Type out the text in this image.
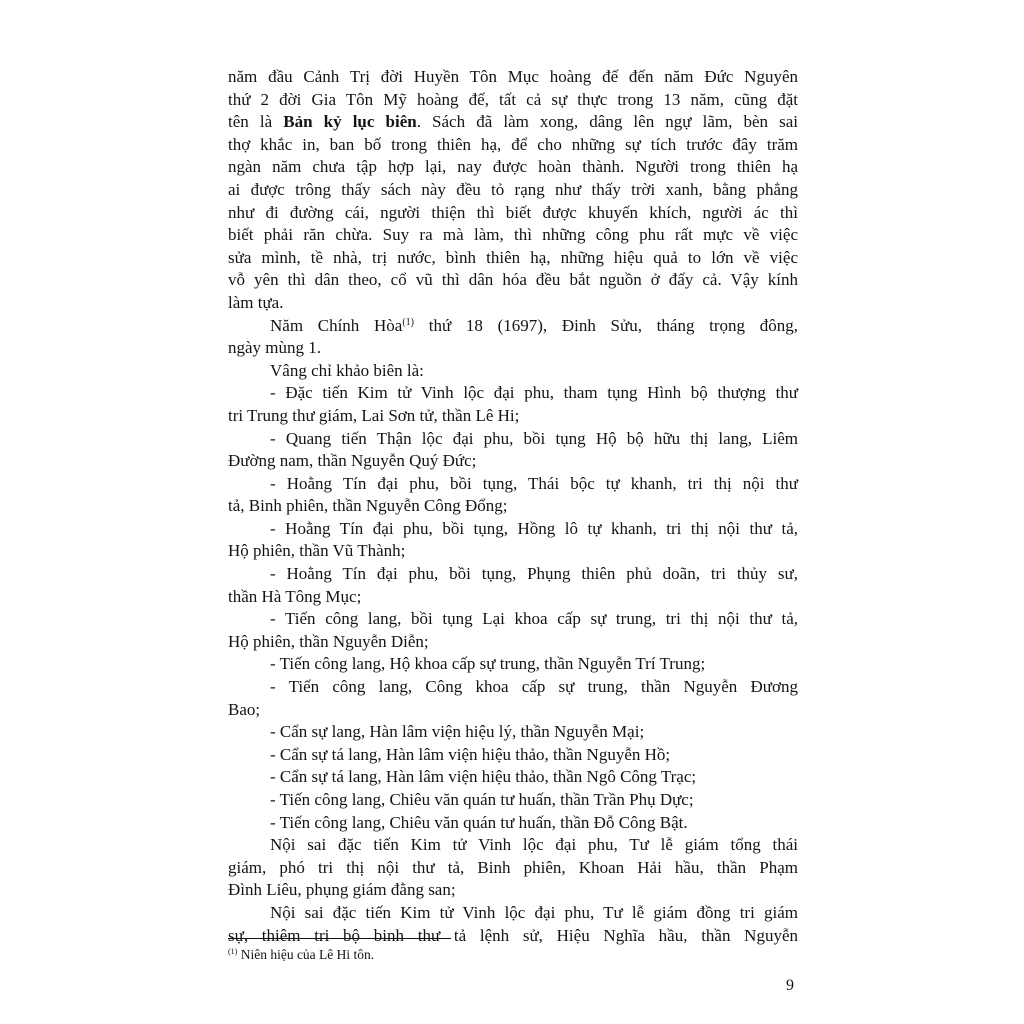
năm đầu Cảnh Trị đời Huyền Tôn Mục hoàng đế đến năm Đức Nguyên

thứ 2 đời Gia Tôn Mỹ hoàng đế, tất cả sự thực trong 13 năm, cũng đặt

tên là Bản kỷ lục biên. Sách đã làm xong, dâng lên ngự lãm, bèn sai

thợ khắc in, ban bố trong thiên hạ, để cho những sự tích trước đây trăm

ngàn năm chưa tập hợp lại, nay được hoàn thành. Người trong thiên hạ

ai được trông thấy sách này đều tỏ rạng như thấy trời xanh, bằng phẳng

như đi đường cái, người thiện thì biết được khuyến khích, người ác thì

biết phải răn chừa. Suy ra mà làm, thì những công phu rất mực về việc

sửa mình, tề nhà, trị nước, bình thiên hạ, những hiệu quả to lớn về việc

vỗ yên thì dân theo, cổ vũ thì dân hóa đều bắt nguồn ở đấy cả. Vậy kính

làm tựa.

Năm Chính Hòa$^{(1)}$ thứ 18 (1697), Đinh Sửu, tháng trọng đông,

ngày mùng 1.

Vâng chỉ khảo biên là:

- Đặc tiến Kim tử Vinh lộc đại phu, tham tụng Hình bộ thượng thư

tri Trung thư giám, Lai Sơn tử, thần Lê Hi;

- Quang tiến Thận lộc đại phu, bồi tụng Hộ bộ hữu thị lang, Liêm

Đường nam, thần Nguyễn Quý Đức;

- Hoằng Tín đại phu, bồi tụng, Thái bộc tự khanh, tri thị nội thư

tả, Binh phiên, thần Nguyễn Công Đổng;

- Hoằng Tín đại phu, bồi tụng, Hồng lô tự khanh, tri thị nội thư tả,

Hộ phiên, thần Vũ Thành;

- Hoằng Tín đại phu, bồi tụng, Phụng thiên phủ doãn, tri thủy sư,

thần Hà Tông Mục;

- Tiến công lang, bồi tụng Lại khoa cấp sự trung, tri thị nội thư tả,

Hộ phiên, thần Nguyễn Diễn;

- Tiến công lang, Hộ khoa cấp sự trung, thần Nguyễn Trí Trung;

- Tiến công lang, Công khoa cấp sự trung, thần Nguyễn Đương

Bao;

- Cẩn sự lang, Hàn lâm viện hiệu lý, thần Nguyễn Mại;

- Cẩn sự tá lang, Hàn lâm viện hiệu thảo, thần Nguyễn Hồ;

- Cẩn sự tá lang, Hàn lâm viện hiệu thảo, thần Ngô Công Trạc;

- Tiến công lang, Chiêu văn quán tư huấn, thần Trần Phụ Dực;

- Tiến công lang, Chiêu văn quán tư huấn, thần Đỗ Công Bật.

Nội sai đặc tiến Kim tử Vinh lộc đại phu, Tư lễ giám tổng thái

giám, phó tri thị nội thư tả, Binh phiên, Khoan Hải hầu, thần Phạm

Đình Liêu, phụng giám đằng san;

Nội sai đặc tiến Kim tử Vinh lộc đại phu, Tư lễ giám đồng tri giám

sự, thiêm tri bộ binh thư tả lệnh sử, Hiệu Nghĩa hầu, thần Nguyễn

$^{(1)}$ Niên hiệu của Lê Hi tôn.
9
